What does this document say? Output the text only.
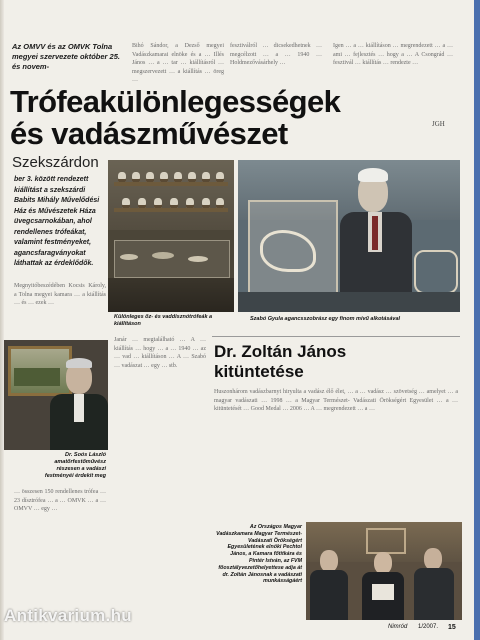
Az OMVV és az OMVK Tolna megyei szervezete október 25. és novem-

Bihó Sándor, a Dezső megyei Vadászkamarai elnöke és a … Illés János … a … tar … kiállításról … megszervezett … a kiállítás … öreg …

fesztiválról … dicsekedhetnek … megcélzott … a … 1940 … Holdmezővásárhely …

Igen … a … kiállításon … megrendezett … a … ami … fejlesztés … hogy a … A Csongrád … fesztivál … kiállítás … rendezte …

JGH
Trófeakülönlegességek
és vadászművészet
Szekszárdon
ber 3. között rendezett kiállítást a szekszárdi Babits Mihály Művelődési Ház és Művészetek Háza üvegcsarnokában, ahol rendellenes trófeákat, valamint festményeket, agancsfaragványokat láthattak az érdeklődők.

Megnyitóbeszédében Kocsis Károly, a Tolna megyei kamara … a kiállítás … és … ezek …

Különleges őz- és vaddisznótrófeák a kiállításon
Szabó Gyula agancsszobrász egy finom mívű alkotásával
Dr. Soós László amatőrfestőművész részesen a vadászi festményéi érdekit meg

… összesen 150 rendellenes trófea … 23 dísztrófea … a … OMVK … a … OMVV … egy …

Janár … megtalálható … A … kiállítás … hogy … a … 1940 … az … vad … kiállításon … A … Szabó … vadászat … egy … stb.

Dr. Zoltán János
kitüntetése

Huszonhárom vadászbarnyt hiryulta a vadász élő élet, … a … vadász … szövetség … amelyet … a magyar vadászati … 1998 … a Magyar Természet- Vadászati Örökségért Egyesület … a … kitüntetését … Good Medal … 2006 … A … megrendezett … a …

Az Országos Magyar Vadászkamara Magyar Természet-Vadászati Örökségért Egyesületének elnöki Pechtol János, a Kamara főtitkára és Pintér István, az FVM főosztályvezetőhelyettese adja át dr. Zoltán Jánosnak a vadászati munkásságáért
Nimród 1/2007. 15
Antikvarium.hu
